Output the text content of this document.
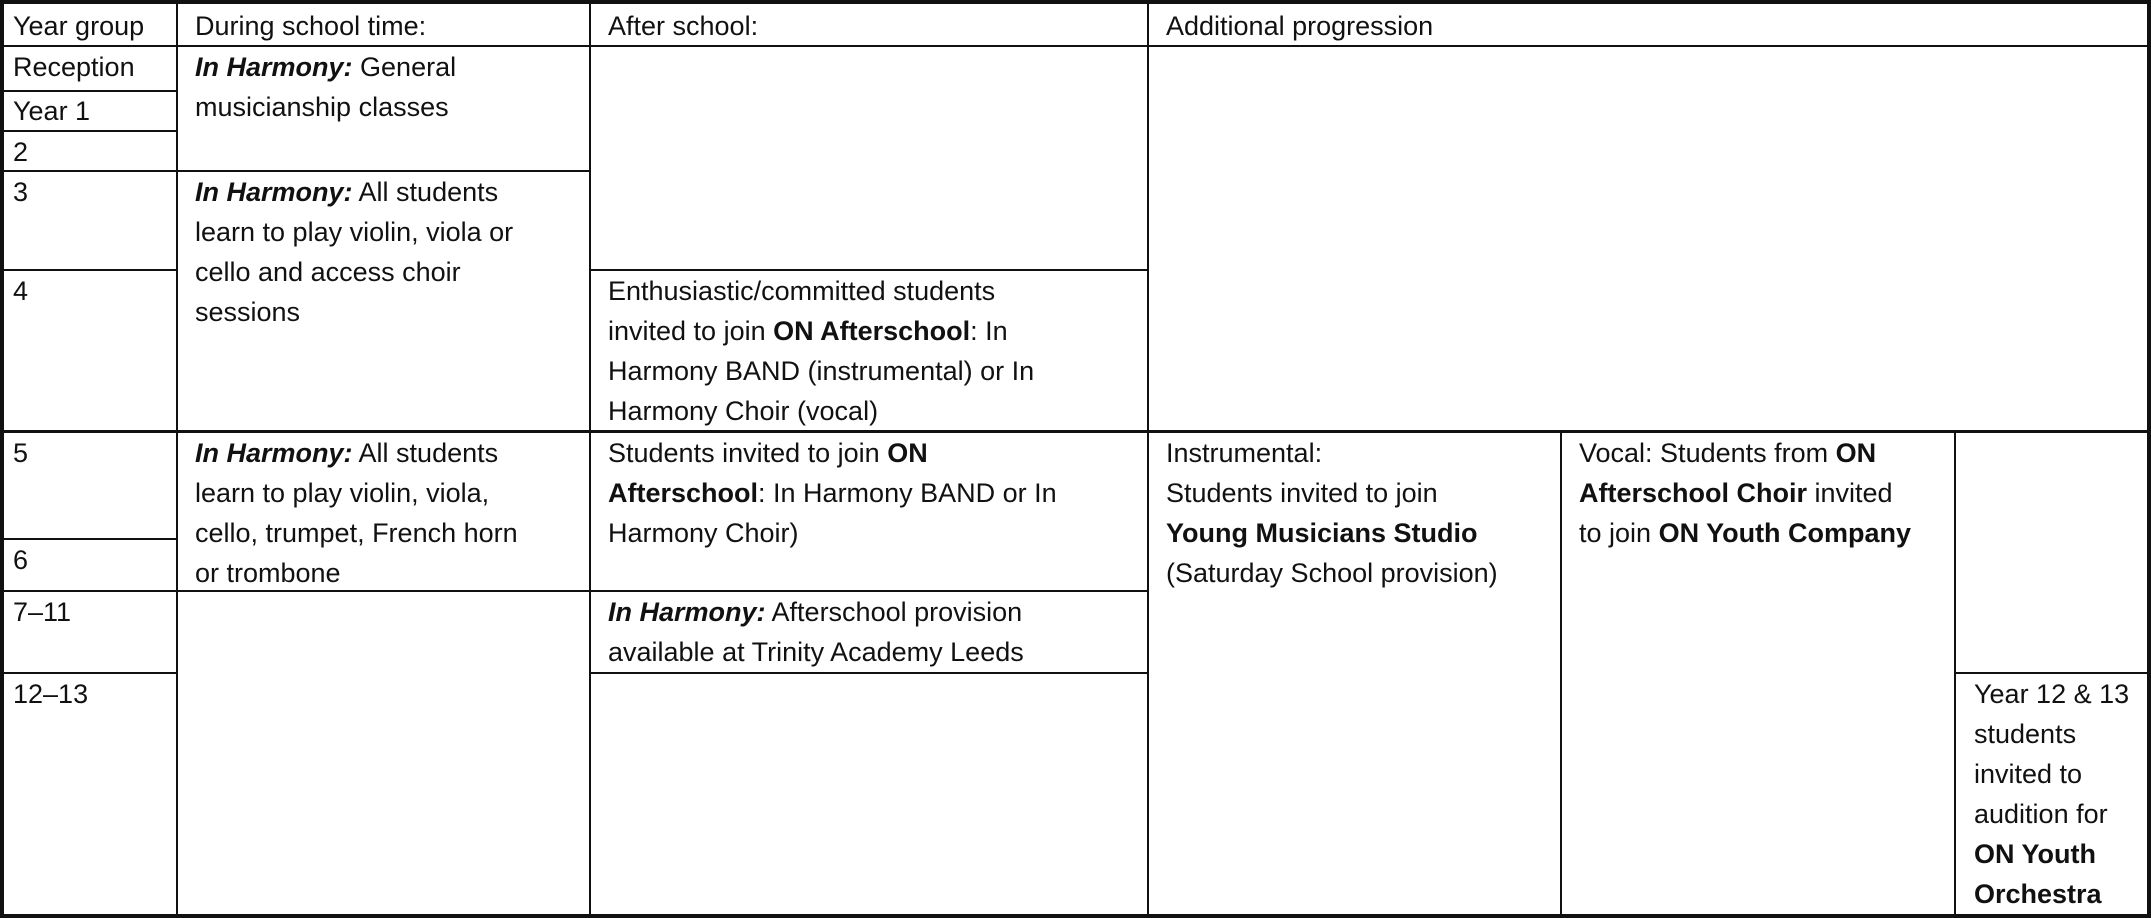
Year group During school time:	After school:	Additional progression
Reception
Year 1
2
3
4
5
6
7–11
12–13

In Harmony: General

musicianship classes

In Harmony: All students

learn to play violin, viola or

cello and access choir

sessions

In Harmony: All students

learn to play violin, viola,

cello, trumpet, French horn

or trombone

Enthusiastic/committed students

invited to join ON Afterschool: In

Harmony BAND (instrumental) or In

Harmony Choir (vocal)

Students invited to join ON

Afterschool: In Harmony BAND or In

Harmony Choir)

In Harmony: Afterschool provision

available at Trinity Academy Leeds

Instrumental:

Students invited to join

Young Musicians Studio

(Saturday School provision)

Vocal: Students from ON

Afterschool Choir invited

to join ON Youth Company

Year 12 & 13

students

invited to

audition for

ON Youth

Orchestra
